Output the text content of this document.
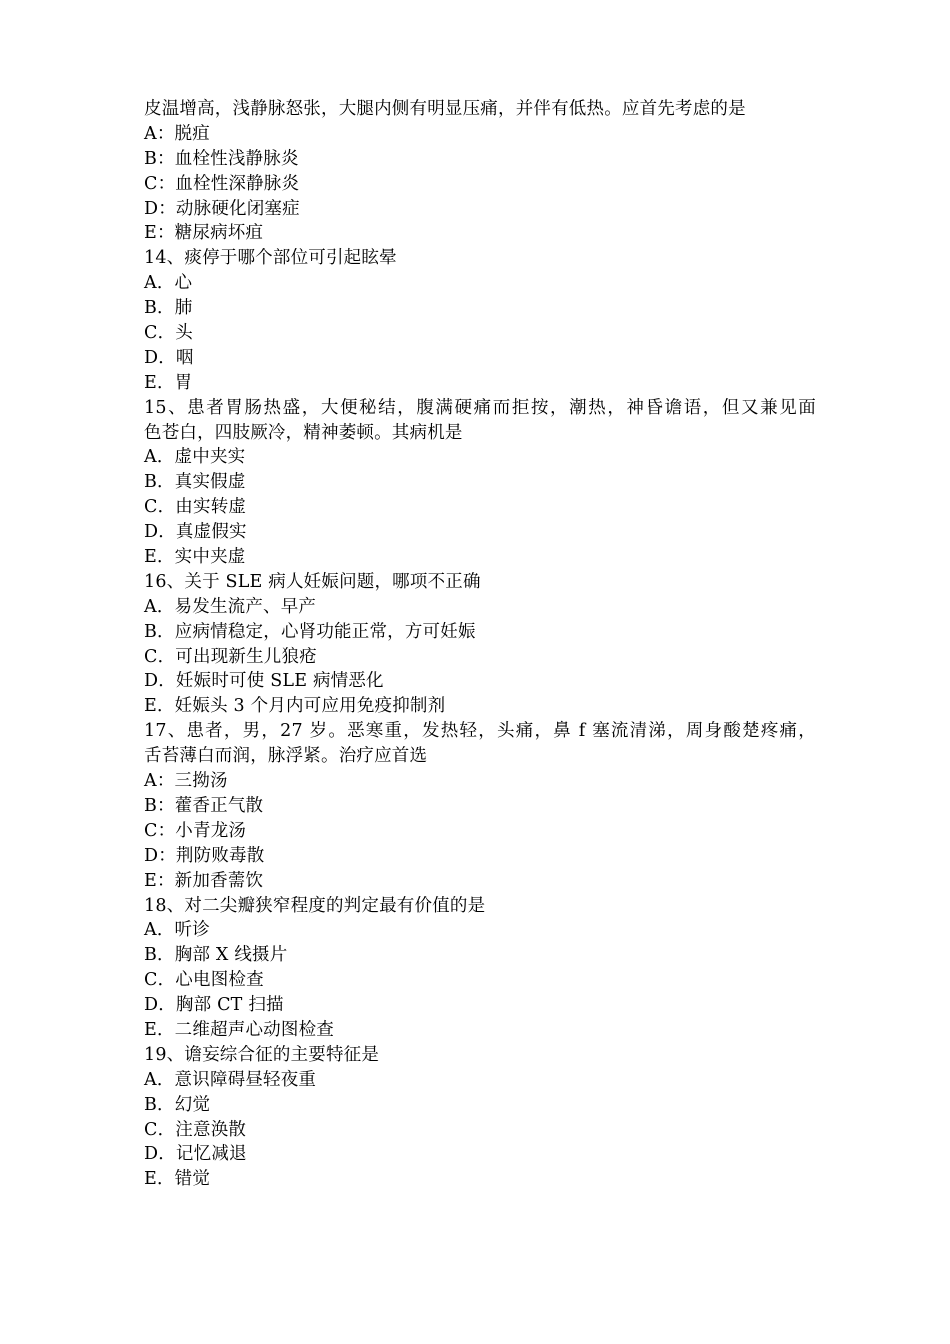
皮温增高，浅静脉怒张，大腿内侧有明显压痛，并伴有低热。应首先考虑的是
A：脱疽
B：血栓性浅静脉炎
C：血栓性深静脉炎
D：动脉硬化闭塞症
E：糖尿病坏疽
14、痰停于哪个部位可引起眩晕
A．心
B．肺
C．头
D．咽
E．胃
15、患者胃肠热盛，大便秘结，腹满硬痛而拒按，潮热，神昏谵语，但又兼见面
色苍白，四肢厥冷，精神萎顿。其病机是
A．虚中夹实
B．真实假虚
C．由实转虚
D．真虚假实
E．实中夹虚
16、关于 SLE 病人妊娠问题，哪项不正确
A．易发生流产、早产
B．应病情稳定，心肾功能正常，方可妊娠
C．可出现新生儿狼疮
D．妊娠时可使 SLE 病情恶化
E．妊娠头 3 个月内可应用免疫抑制剂
17、患者，男，27 岁。恶寒重，发热轻，头痛，鼻 f 塞流清涕，周身酸楚疼痛，
舌苔薄白而润，脉浮紧。治疗应首选
A：三拗汤
B：藿香正气散
C：小青龙汤
D：荆防败毒散
E：新加香薷饮
18、对二尖瓣狭窄程度的判定最有价值的是
A．听诊
B．胸部 X 线摄片
C．心电图检查
D．胸部 CT 扫描
E．二维超声心动图检查
19、谵妄综合征的主要特征是
A．意识障碍昼轻夜重
B．幻觉
C．注意涣散
D．记忆减退
E．错觉
